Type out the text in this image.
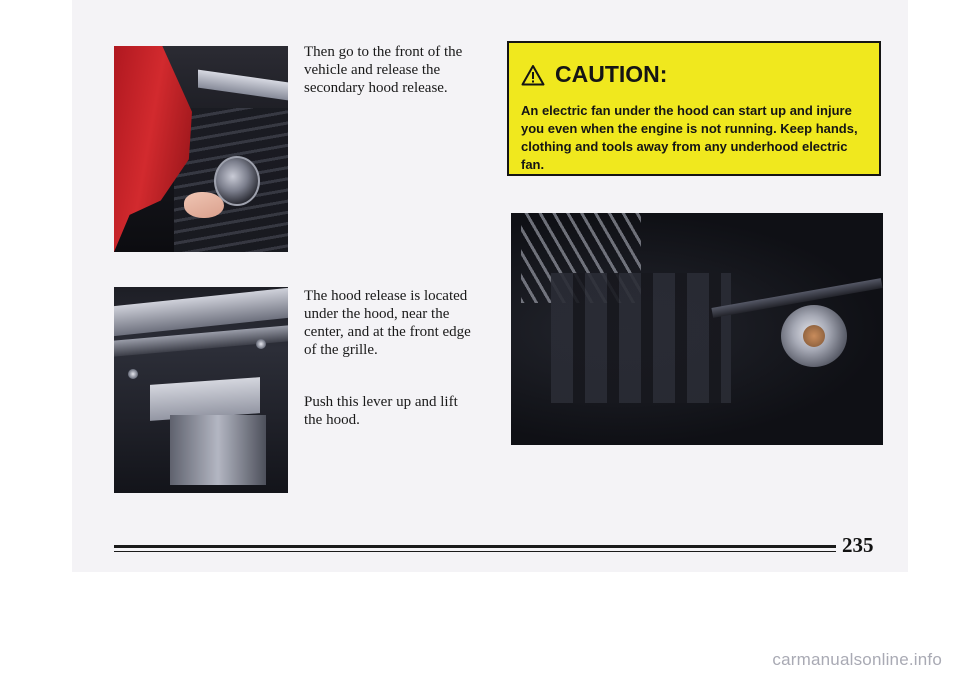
Then go to the front of the vehicle and release the secondary hood release.

The hood release is located under the hood, near the center, and at the front edge of the grille.

Push this lever up and lift the hood.

CAUTION:

An electric fan under the hood can start up and injure you even when the engine is not running. Keep hands, clothing and tools away from any underhood electric fan.

235
carmanualsonline.info
